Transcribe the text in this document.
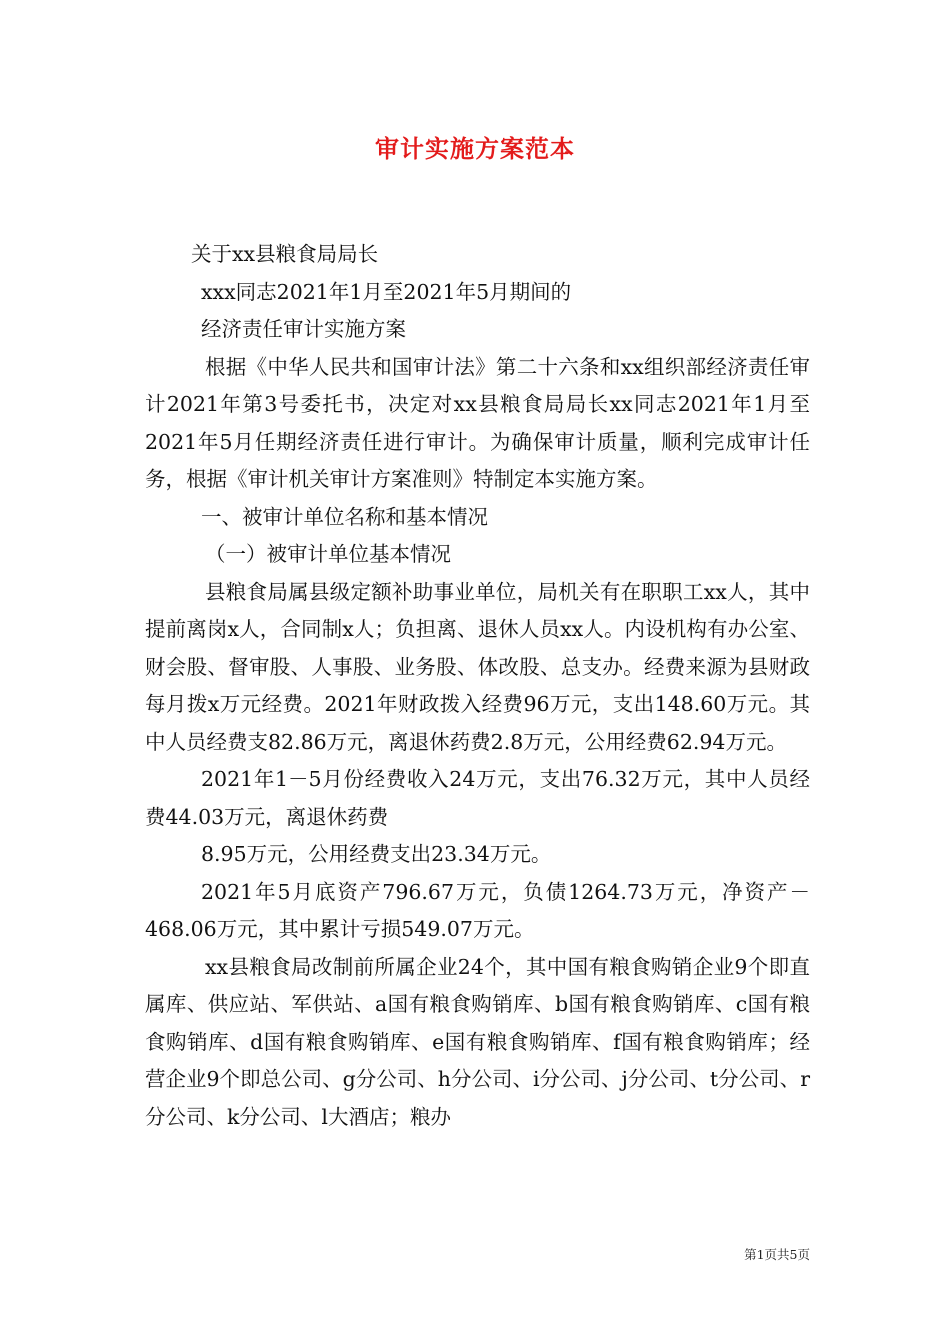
审计实施方案范本

关于xx县粮食局局长

xxx同志2021年1月至2021年5月期间的

经济责任审计实施方案

根据《中华人民共和国审计法》第二十六条和xx组织部经济责任审计2021年第3号委托书，决定对xx县粮食局局长xx同志2021年1月至2021年5月任期经济责任进行审计。为确保审计质量，顺利完成审计任务，根据《审计机关审计方案准则》特制定本实施方案。

一、被审计单位名称和基本情况

（一）被审计单位基本情况

县粮食局属县级定额补助事业单位，局机关有在职职工xx人，其中提前离岗x人，合同制x人；负担离、退休人员xx人。内设机构有办公室、财会股、督审股、人事股、业务股、体改股、总支办。经费来源为县财政每月拨x万元经费。2021年财政拨入经费96万元，支出148.60万元。其中人员经费支82.86万元，离退休药费2.8万元，公用经费62.94万元。

2021年1－5月份经费收入24万元，支出76.32万元，其中人员经费44.03万元，离退休药费

8.95万元，公用经费支出23.34万元。

2021年5月底资产796.67万元，负债1264.73万元，净资产－468.06万元，其中累计亏损549.07万元。

xx县粮食局改制前所属企业24个，其中国有粮食购销企业9个即直属库、供应站、军供站、a国有粮食购销库、b国有粮食购销库、c国有粮食购销库、d国有粮食购销库、e国有粮食购销库、f国有粮食购销库；经营企业9个即总公司、g分公司、h分公司、i分公司、j分公司、t分公司、r分公司、k分公司、l大酒店；粮办

第1页共5页
